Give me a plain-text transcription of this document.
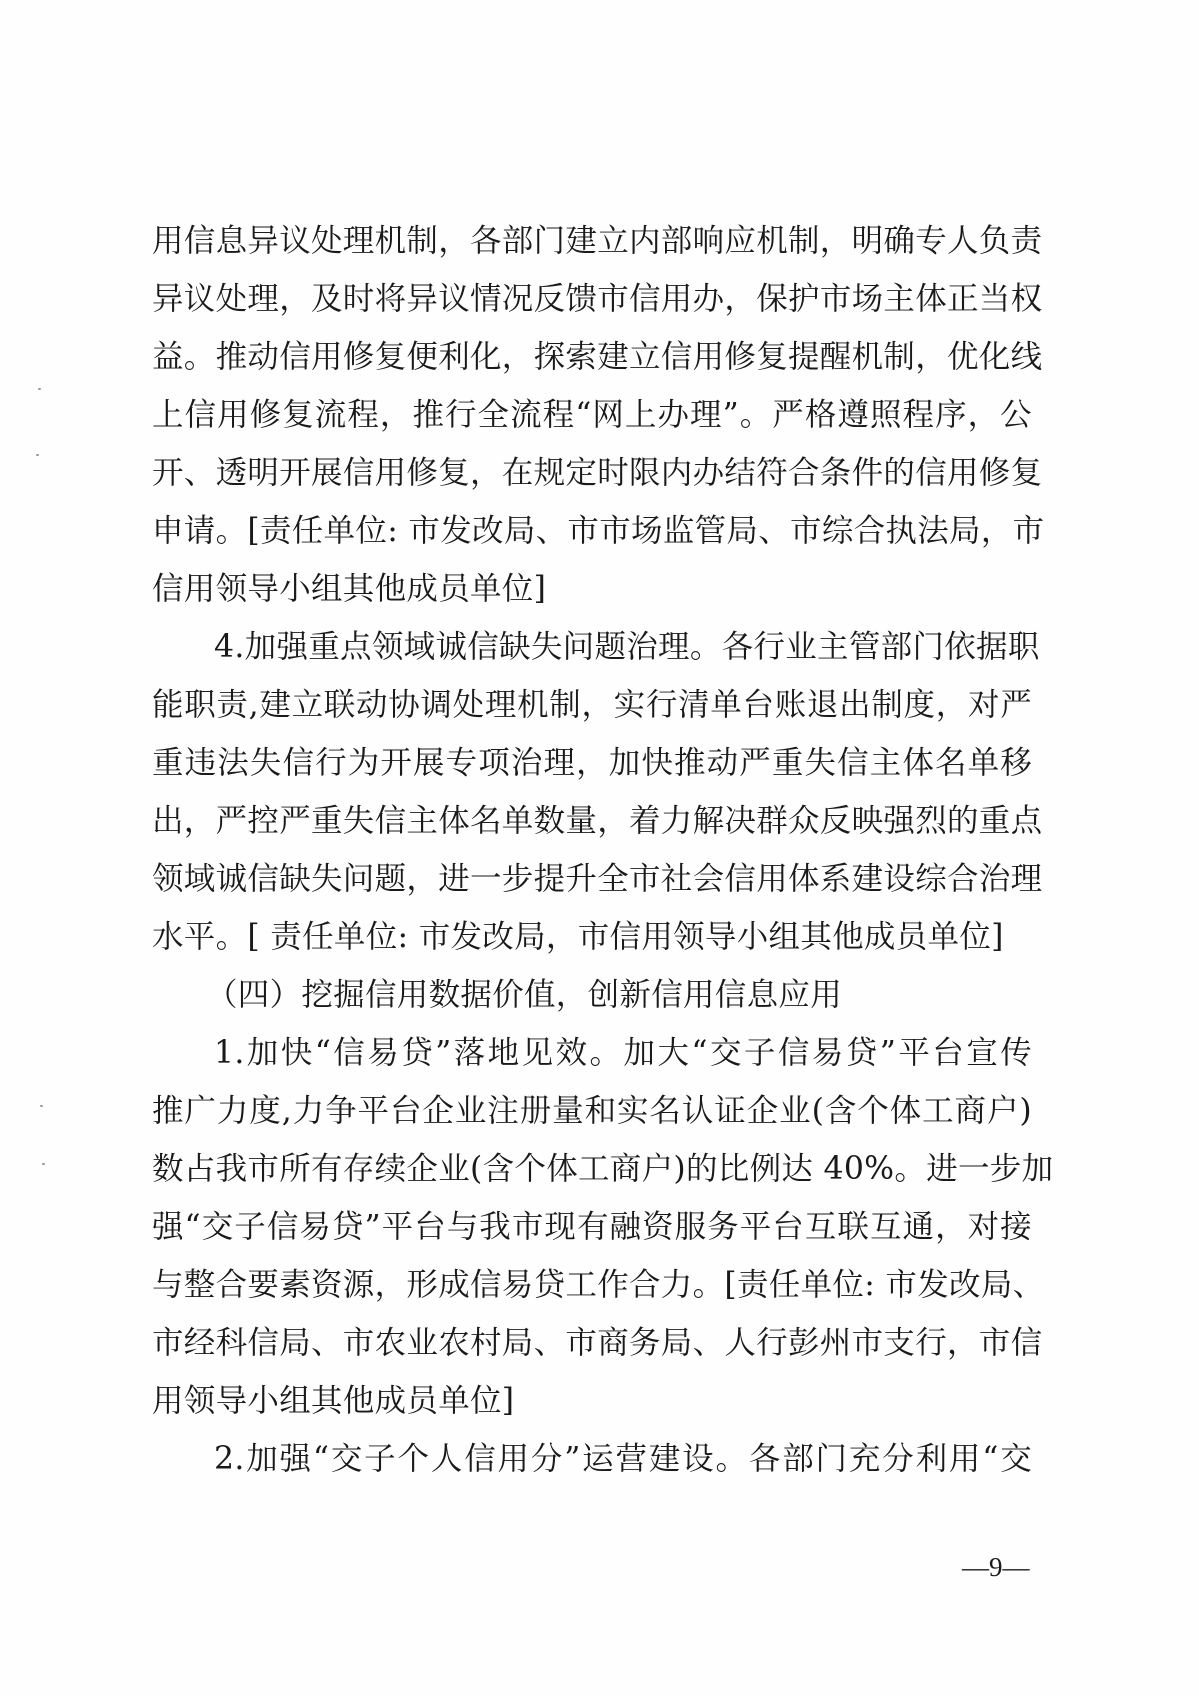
用信息异议处理机制，各部门建立内部响应机制，明确专人负责
异议处理，及时将异议情况反馈市信用办，保护市场主体正当权
益。推动信用修复便利化，探索建立信用修复提醒机制，优化线
上信用修复流程，推行全流程“网上办理”。严格遵照程序，公
开、透明开展信用修复，在规定时限内办结符合条件的信用修复
申请。[责任单位: 市发改局、市市场监管局、市综合执法局，市
信用领导小组其他成员单位]
4.加强重点领域诚信缺失问题治理。各行业主管部门依据职
能职责,建立联动协调处理机制，实行清单台账退出制度，对严
重违法失信行为开展专项治理，加快推动严重失信主体名单移
出，严控严重失信主体名单数量，着力解决群众反映强烈的重点
领域诚信缺失问题，进一步提升全市社会信用体系建设综合治理
水平。[ 责任单位: 市发改局，市信用领导小组其他成员单位]
（四）挖掘信用数据价值，创新信用信息应用
1.加快“信易贷”落地见效。加大“交子信易贷”平台宣传
推广力度,力争平台企业注册量和实名认证企业(含个体工商户)
数占我市所有存续企业(含个体工商户)的比例达 40%。进一步加
强“交子信易贷”平台与我市现有融资服务平台互联互通，对接
与整合要素资源，形成信易贷工作合力。[责任单位: 市发改局、
市经科信局、市农业农村局、市商务局、人行彭州市支行，市信
用领导小组其他成员单位]
2.加强“交子个人信用分”运营建设。各部门充分利用“交
—9—
